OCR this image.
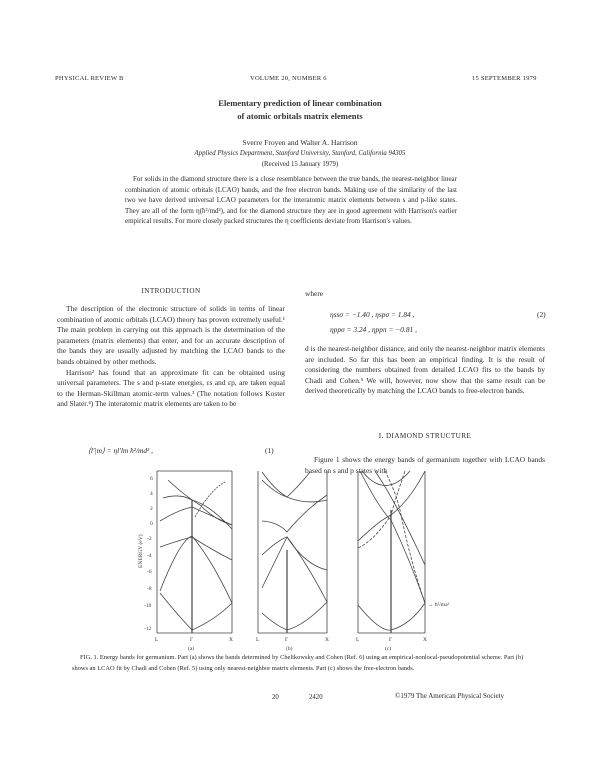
PHYSICAL REVIEW B	VOLUME 20, NUMBER 6	15 SEPTEMBER 1979
Elementary prediction of linear combination
of atomic orbitals matrix elements
Sverre Froyen and Walter A. Harrison
Applied Physics Department, Stanford University, Stanford, California 94305
(Received 15 January 1979)

For solids in the diamond structure there is a close resemblance between the true bands, the nearest-neighbor linear combination of atomic orbitals (LCAO) bands, and the free electron bands. Making use of the similarity of the last two we have derived universal LCAO parameters for the interatomic matrix elements between s and p-like states. They are all of the form η(ħ²/md²), and for the diamond structure they are in good agreement with Harrison's earlier empirical results. For more closely packed structures the η coefficients deviate from Harrison's values.

INTRODUCTION

The description of the electronic structure of solids in terms of linear combination of atomic orbitals (LCAO) theory has proven extremely useful.¹ The main problem in carrying out this approach is the determination of the parameters (matrix elements) that enter, and for an accurate description of the bands they are usually adjusted by matching the LCAO bands to the bands obtained by other methods.

Harrison² has found that an approximate fit can be obtained using universal parameters. The s and p-state energies, εs and εp, are taken equal to the Herman-Skillman atomic-term values.³ (The notation follows Koster and Slater.⁴) The interatomic matrix elements are taken to be

⟨l′|m⟩ = ηl′lm ħ²/md² ,	(1)
where
ηssσ = −1.40 , ηspσ = 1.84 ,
ηppσ = 3.24 , ηppπ = −0.81 ,
(2)

d is the nearest-neighbor distance, and only the nearest-neighbor matrix elements are included. So far this has been an empirical finding. It is the result of considering the numbers obtained from detailed LCAO fits to the bands by Chadi and Cohen.⁵ We will, however, now show that the same result can be derived theoretically by matching the LCAO bands to free-electron bands.

I. DIAMOND STRUCTURE

Figure 1 shows the energy bands of germanium together with LCAO bands based on s and p states with

6
4
2
0
-2
-4
-6
-8
-10
-12
ENERGY (eV)
L	Γ	X	L	Γ	X	L	Γ	X
(a)	(b)	(c)
→ ħ²/ma²

FIG. 1. Energy bands for germanium. Part (a) shows the bands determined by Chelikowsky and Cohen (Ref. 6) using an empirical-nonlocal-pseudopotential scheme. Part (b) shows an LCAO fit by Chadi and Cohen (Ref. 5) using only nearest-neighbor matrix elements. Part (c) shows the free-electron bands.

20	2420	©1979 The American Physical Society
